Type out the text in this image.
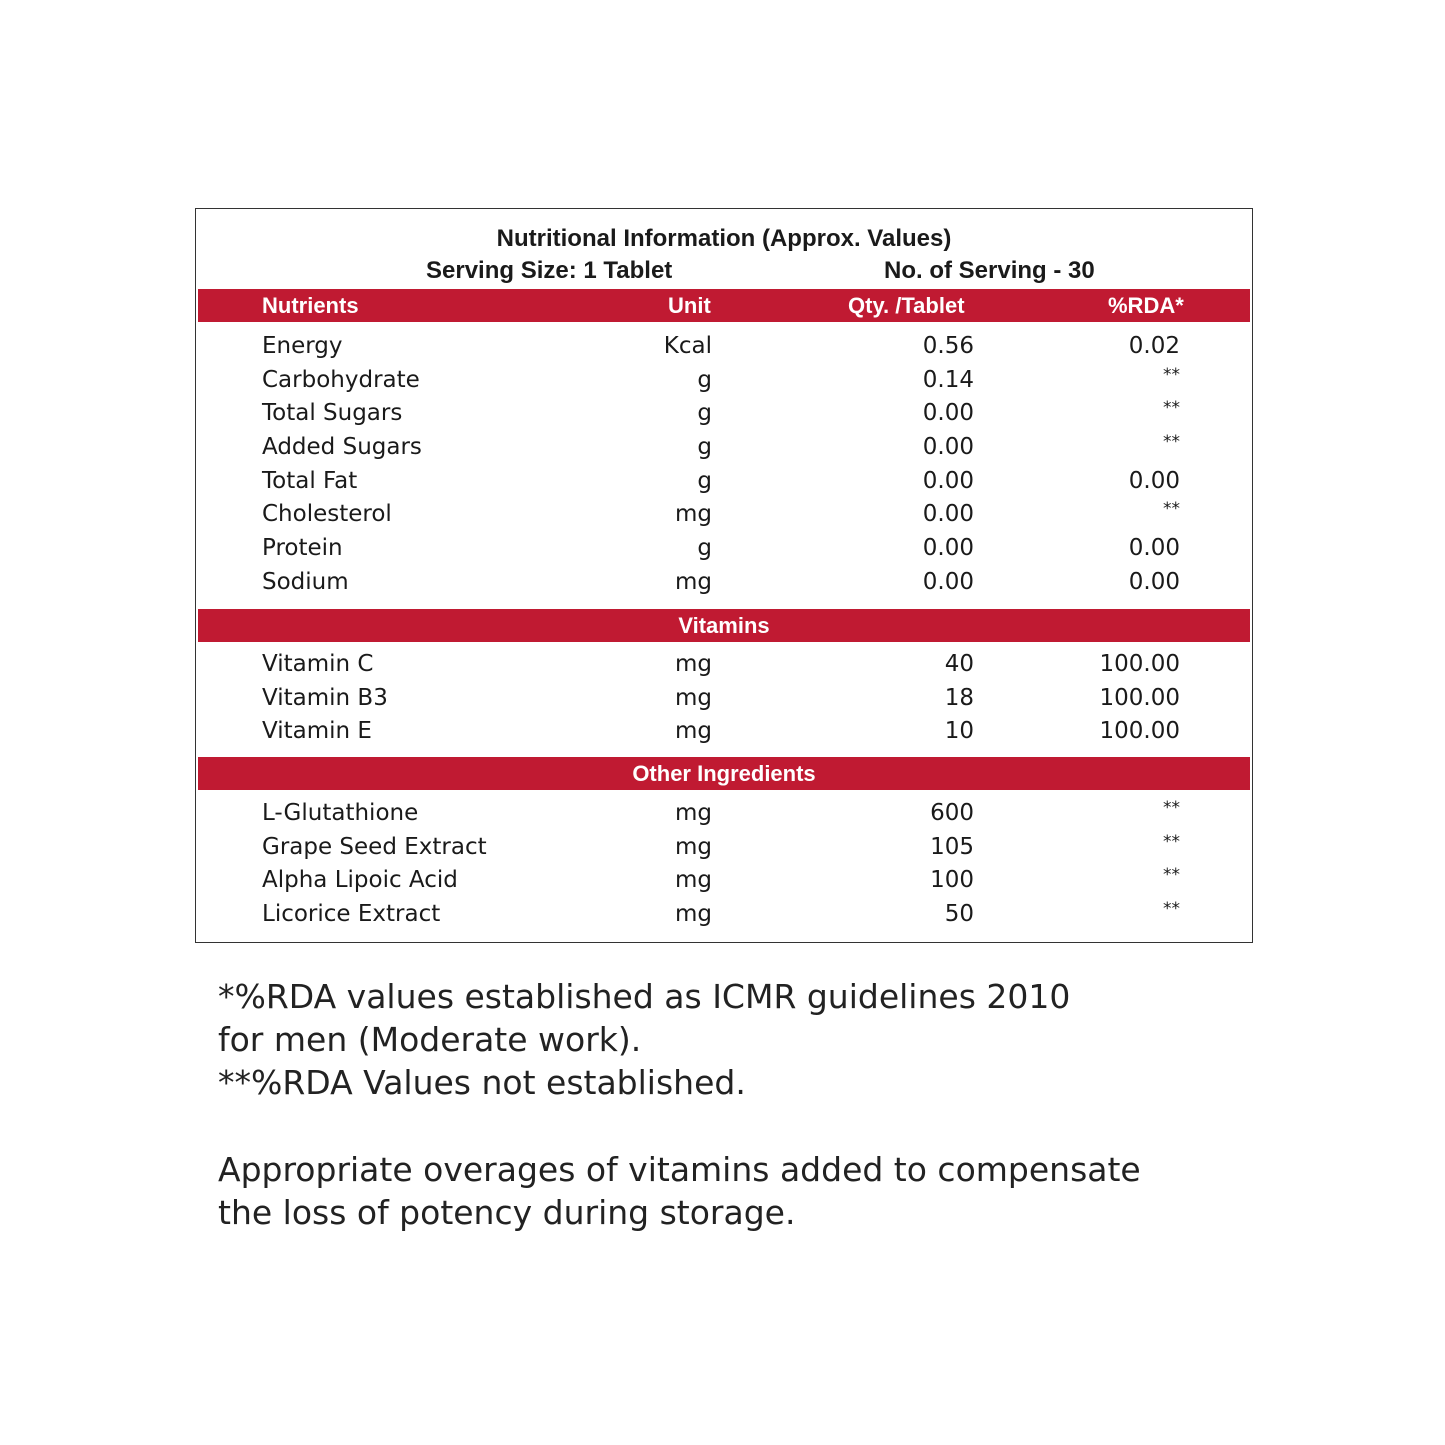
Nutritional Information (Approx. Values)
Serving Size: 1 Tablet	No. of Serving - 30
Nutrients	Unit	Qty. /Tablet	%RDA*
Energy	Kcal	0.56	0.02
Carbohydrate	g	0.14	**
Total Sugars	g	0.00	**
Added Sugars	g	0.00	**
Total Fat	g	0.00	0.00
Cholesterol	mg	0.00	**
Protein	g	0.00	0.00
Sodium	mg	0.00	0.00
Vitamins
Vitamin C	mg	40	100.00
Vitamin B3	mg	18	100.00
Vitamin E	mg	10	100.00
Other Ingredients
L-Glutathione	mg	600	**
Grape Seed Extract	mg	105	**
Alpha Lipoic Acid	mg	100	**
Licorice Extract	mg	50	**
*%RDA values established as ICMR guidelines 2010
for men (Moderate work).
**%RDA Values not established.
Appropriate overages of vitamins added to compensate
the loss of potency during storage.
